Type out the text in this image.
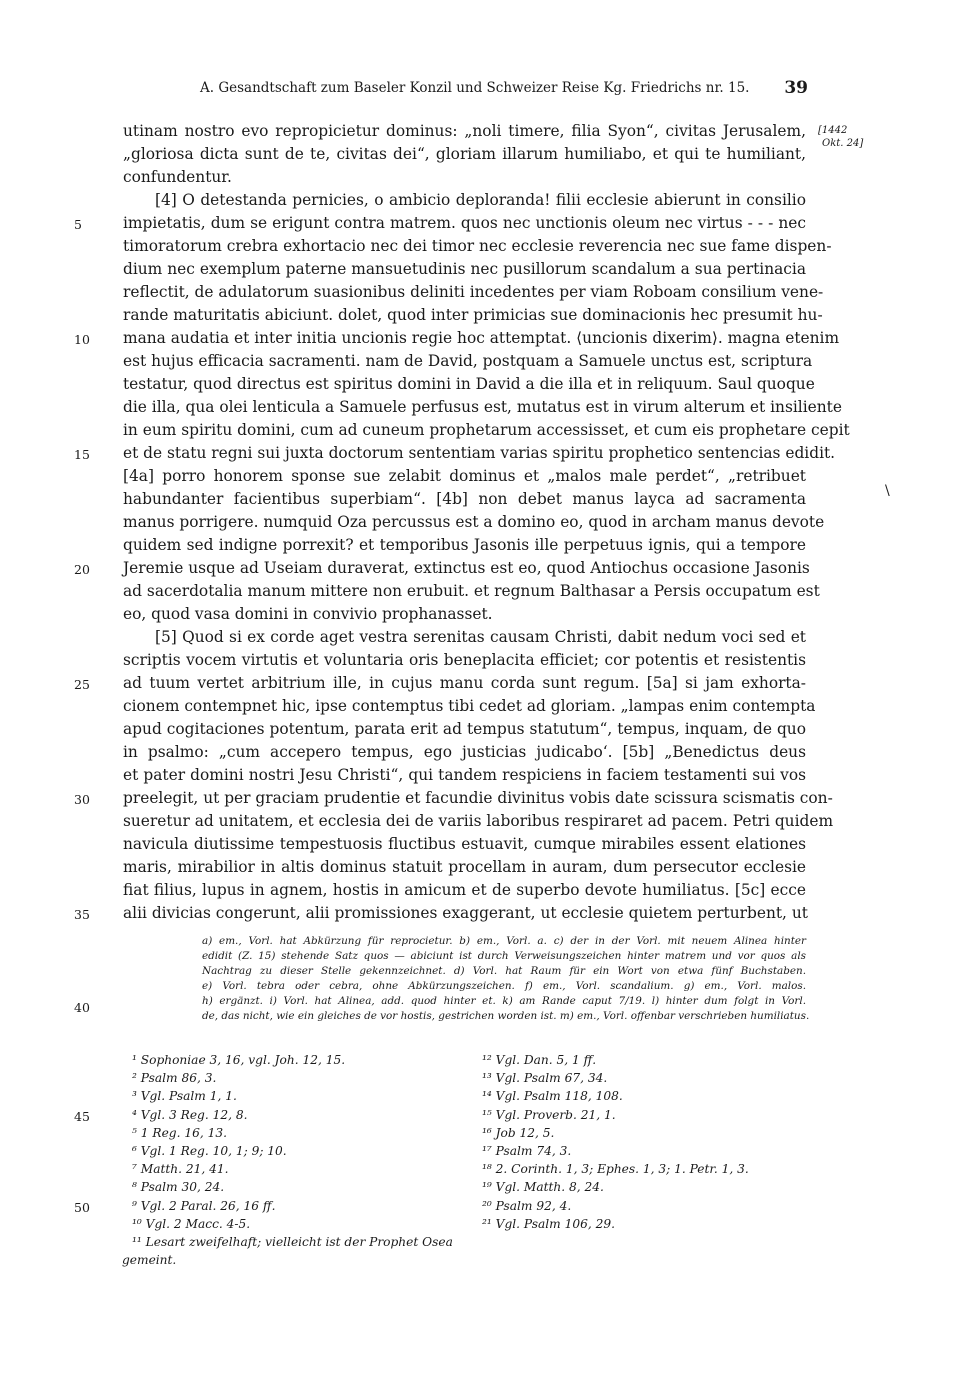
A. Gesandtschaft zum Baseler Konzil und Schweizer Reise Kg. Friedrichs nr. 15. 39
[1442
Okt. 24]
utinam nostro evo repropicietur dominus: „noli timere, filia Syon“, civitas Jerusalem,
„gloriosa dicta sunt de te, civitas dei“, gloriam illarum humiliabo, et qui te humiliant,
confundentur.
[4] O detestanda pernicies, o ambicio deploranda! filii ecclesie abierunt in consilio
impietatis, dum se erigunt contra matrem. quos nec unctionis oleum nec virtus - - - nec
timoratorum crebra exhortacio nec dei timor nec ecclesie reverencia nec sue fame dispen-
dium nec exemplum paterne mansuetudinis nec pusillorum scandalum a sua pertinacia
reflectit, de adulatorum suasionibus deliniti incedentes per viam Roboam consilium vene-
rande maturitatis abiciunt. dolet, quod inter primicias sue dominacionis hec presumit hu-
mana audatia et inter initia uncionis regie hoc attemptat. ⟨uncionis dixerim⟩. magna etenim
est hujus efficacia sacramenti. nam de David, postquam a Samuele unctus est, scriptura
testatur, quod directus est spiritus domini in David a die illa et in reliquum. Saul quoque
die illa, qua olei lenticula a Samuele perfusus est, mutatus est in virum alterum et insiliente
in eum spiritu domini, cum ad cuneum prophetarum accessisset, et cum eis prophetare cepit
et de statu regni sui juxta doctorum sententiam varias spiritu prophetico sentencias edidit.
[4a] porro honorem sponse sue zelabit dominus et „malos male perdet“, „retribuet
habundanter facientibus superbiam“. [4b] non debet manus layca ad sacramenta
manus porrigere. numquid Oza percussus est a domino eo, quod in archam manus devote
quidem sed indigne porrexit? et temporibus Jasonis ille perpetuus ignis, qui a tempore
Jeremie usque ad Useiam duraverat, extinctus est eo, quod Antiochus occasione Jasonis
ad sacerdotalia manum mittere non erubuit. et regnum Balthasar a Persis occupatum est
eo, quod vasa domini in convivio prophanasset.
[5] Quod si ex corde aget vestra serenitas causam Christi, dabit nedum voci sed et
scriptis vocem virtutis et voluntaria oris beneplacita efficiet; cor potentis et resistentis
ad tuum vertet arbitrium ille, in cujus manu corda sunt regum. [5a] si jam exhorta-
cionem contempnet hic, ipse contemptus tibi cedet ad gloriam. „lampas enim contempta
apud cogitaciones potentum, parata erit ad tempus statutum“, tempus, inquam, de quo
in psalmo: „cum accepero tempus, ego justicias judicabo‘. [5b] „Benedictus deus
et pater domini nostri Jesu Christi“, qui tandem respiciens in faciem testamenti sui vos
preelegit, ut per graciam prudentie et facundie divinitus vobis date scissura scismatis con-
sueretur ad unitatem, et ecclesia dei de variis laboribus respiraret ad pacem. Petri quidem
navicula diutissime tempestuosis fluctibus estuavit, cumque mirabiles essent elationes
maris, mirabilior in altis dominus statuit procellam in auram, dum persecutor ecclesie
fiat filius, lupus in agnem, hostis in amicum et de superbo devote humiliatus. [5c] ecce
alii divicias congerunt, alii promissiones exaggerant, ut ecclesie quietem perturbent, ut
5
10
15
20
25
30
35
\
a) em., Vorl. hat Abkürzung für reprocietur. b) em., Vorl. a. c) der in der Vorl. mit neuem Alinea hinter
edidit (Z. 15) stehende Satz quos — abiciunt ist durch Verweisungszeichen hinter matrem und vor quos als
Nachtrag zu dieser Stelle gekennzeichnet. d) Vorl. hat Raum für ein Wort von etwa fünf Buchstaben.
e) Vorl. tebra oder cebra, ohne Abkürzungszeichen. f) em., Vorl. scandalium. g) em., Vorl. malos.
h) ergänzt. i) Vorl. hat Alinea, add. quod hinter et. k) am Rande caput 7/19. l) hinter dum folgt in Vorl.
de, das nicht, wie ein gleiches de vor hostis, gestrichen worden ist. m) em., Vorl. offenbar verschrieben humiliatus.
40
¹ Sophoniae 3, 16, vgl. Joh. 12, 15.
² Psalm 86, 3.
³ Vgl. Psalm 1, 1.
⁴ Vgl. 3 Reg. 12, 8.
⁵ 1 Reg. 16, 13.
⁶ Vgl. 1 Reg. 10, 1; 9; 10.
⁷ Matth. 21, 41.
⁸ Psalm 30, 24.
⁹ Vgl. 2 Paral. 26, 16 ff.
¹⁰ Vgl. 2 Macc. 4-5.
¹¹ Lesart zweifelhaft; vielleicht ist der Prophet Osea
gemeint.
¹² Vgl. Dan. 5, 1 ff.
¹³ Vgl. Psalm 67, 34.
¹⁴ Vgl. Psalm 118, 108.
¹⁵ Vgl. Proverb. 21, 1.
¹⁶ Job 12, 5.
¹⁷ Psalm 74, 3.
¹⁸ 2. Corinth. 1, 3; Ephes. 1, 3; 1. Petr. 1, 3.
¹⁹ Vgl. Matth. 8, 24.
²⁰ Psalm 92, 4.
²¹ Vgl. Psalm 106, 29.
45
50
